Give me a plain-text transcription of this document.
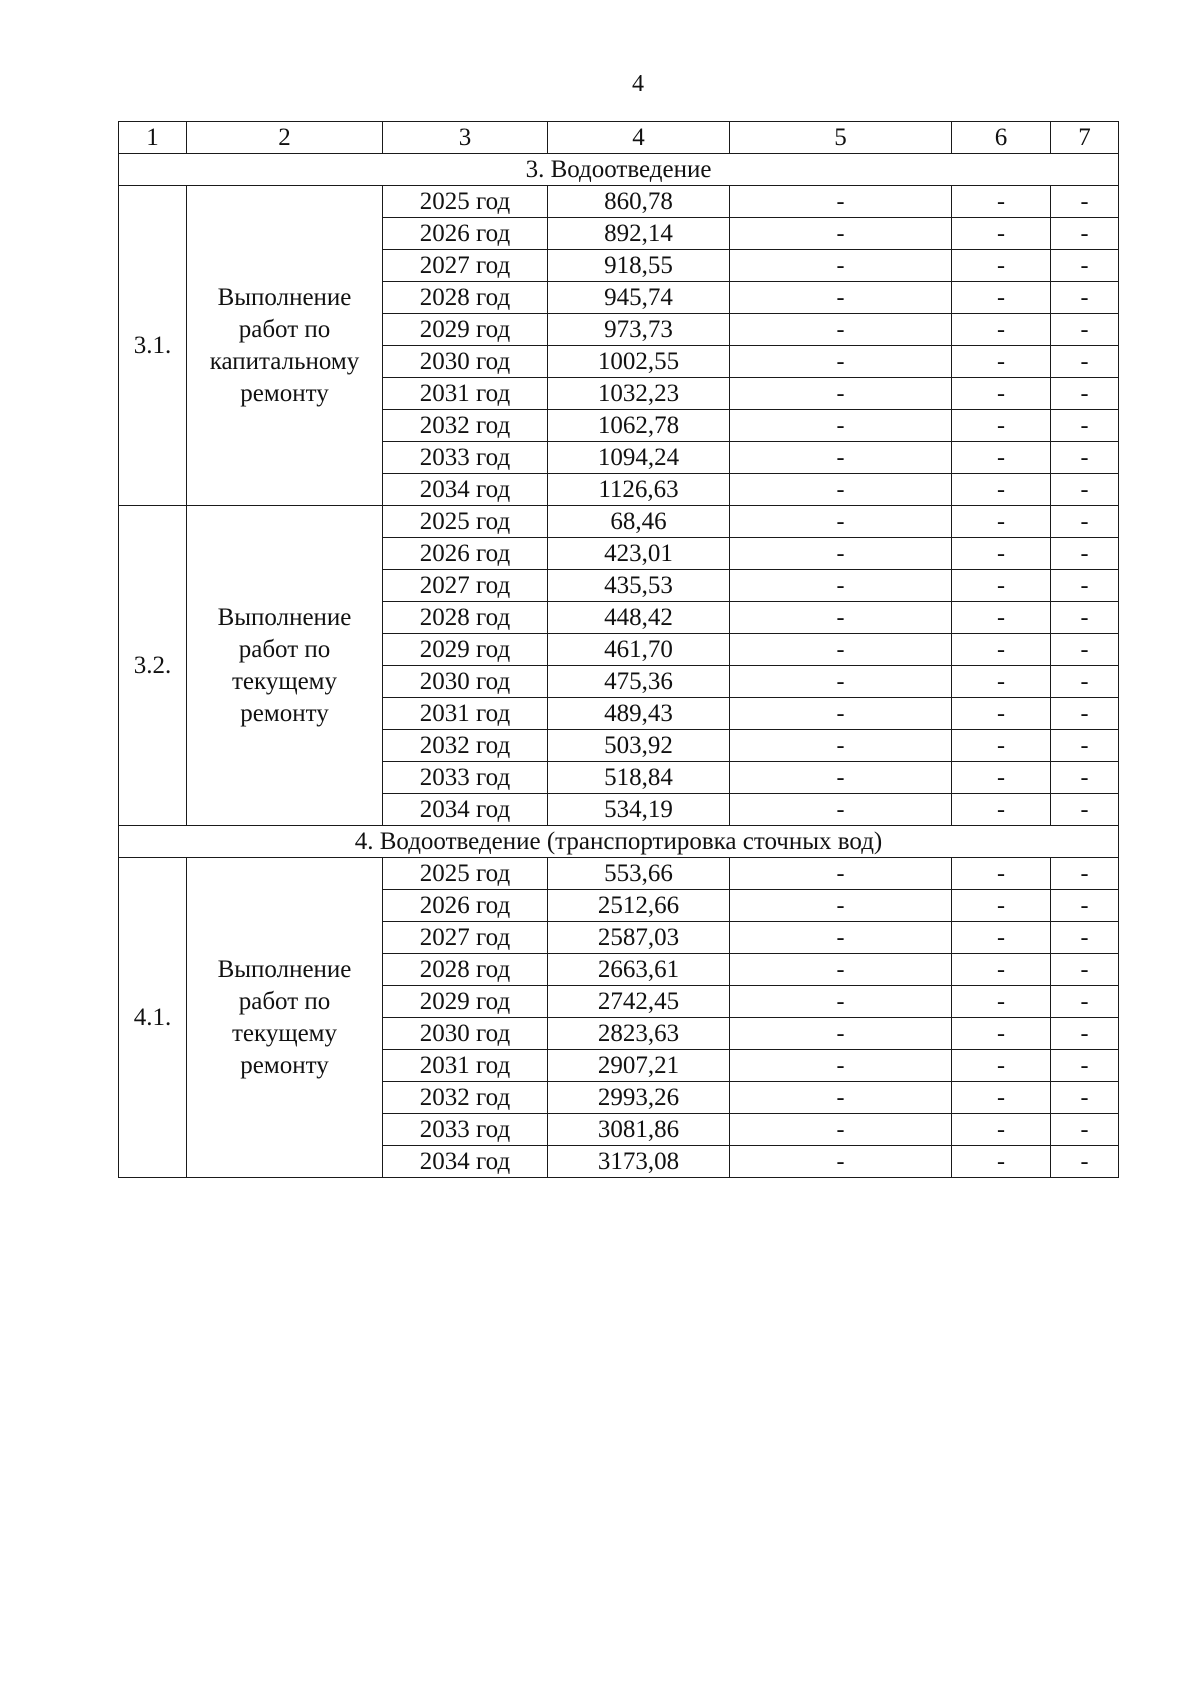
4
1	2	3	4	5	6	7
3. Водоотведение						
3.1.	Выполнение работ по капитальному ремонту	2025 год	860,78	-	-	-
		2026 год	892,14	-	-	-
		2027 год	918,55	-	-	-
		2028 год	945,74	-	-	-
		2029 год	973,73	-	-	-
		2030 год	1002,55	-	-	-
		2031 год	1032,23	-	-	-
		2032 год	1062,78	-	-	-
		2033 год	1094,24	-	-	-
		2034 год	1126,63	-	-	-
3.2.	Выполнение работ по текущему ремонту	2025 год	68,46	-	-	-
		2026 год	423,01	-	-	-
		2027 год	435,53	-	-	-
		2028 год	448,42	-	-	-
		2029 год	461,70	-	-	-
		2030 год	475,36	-	-	-
		2031 год	489,43	-	-	-
		2032 год	503,92	-	-	-
		2033 год	518,84	-	-	-
		2034 год	534,19	-	-	-
4. Водоотведение (транспортировка сточных вод)						
4.1.	Выполнение работ по текущему ремонту	2025 год	553,66	-	-	-
		2026 год	2512,66	-	-	-
		2027 год	2587,03	-	-	-
		2028 год	2663,61	-	-	-
		2029 год	2742,45	-	-	-
		2030 год	2823,63	-	-	-
		2031 год	2907,21	-	-	-
		2032 год	2993,26	-	-	-
		2033 год	3081,86	-	-	-
		2034 год	3173,08	-	-	-
